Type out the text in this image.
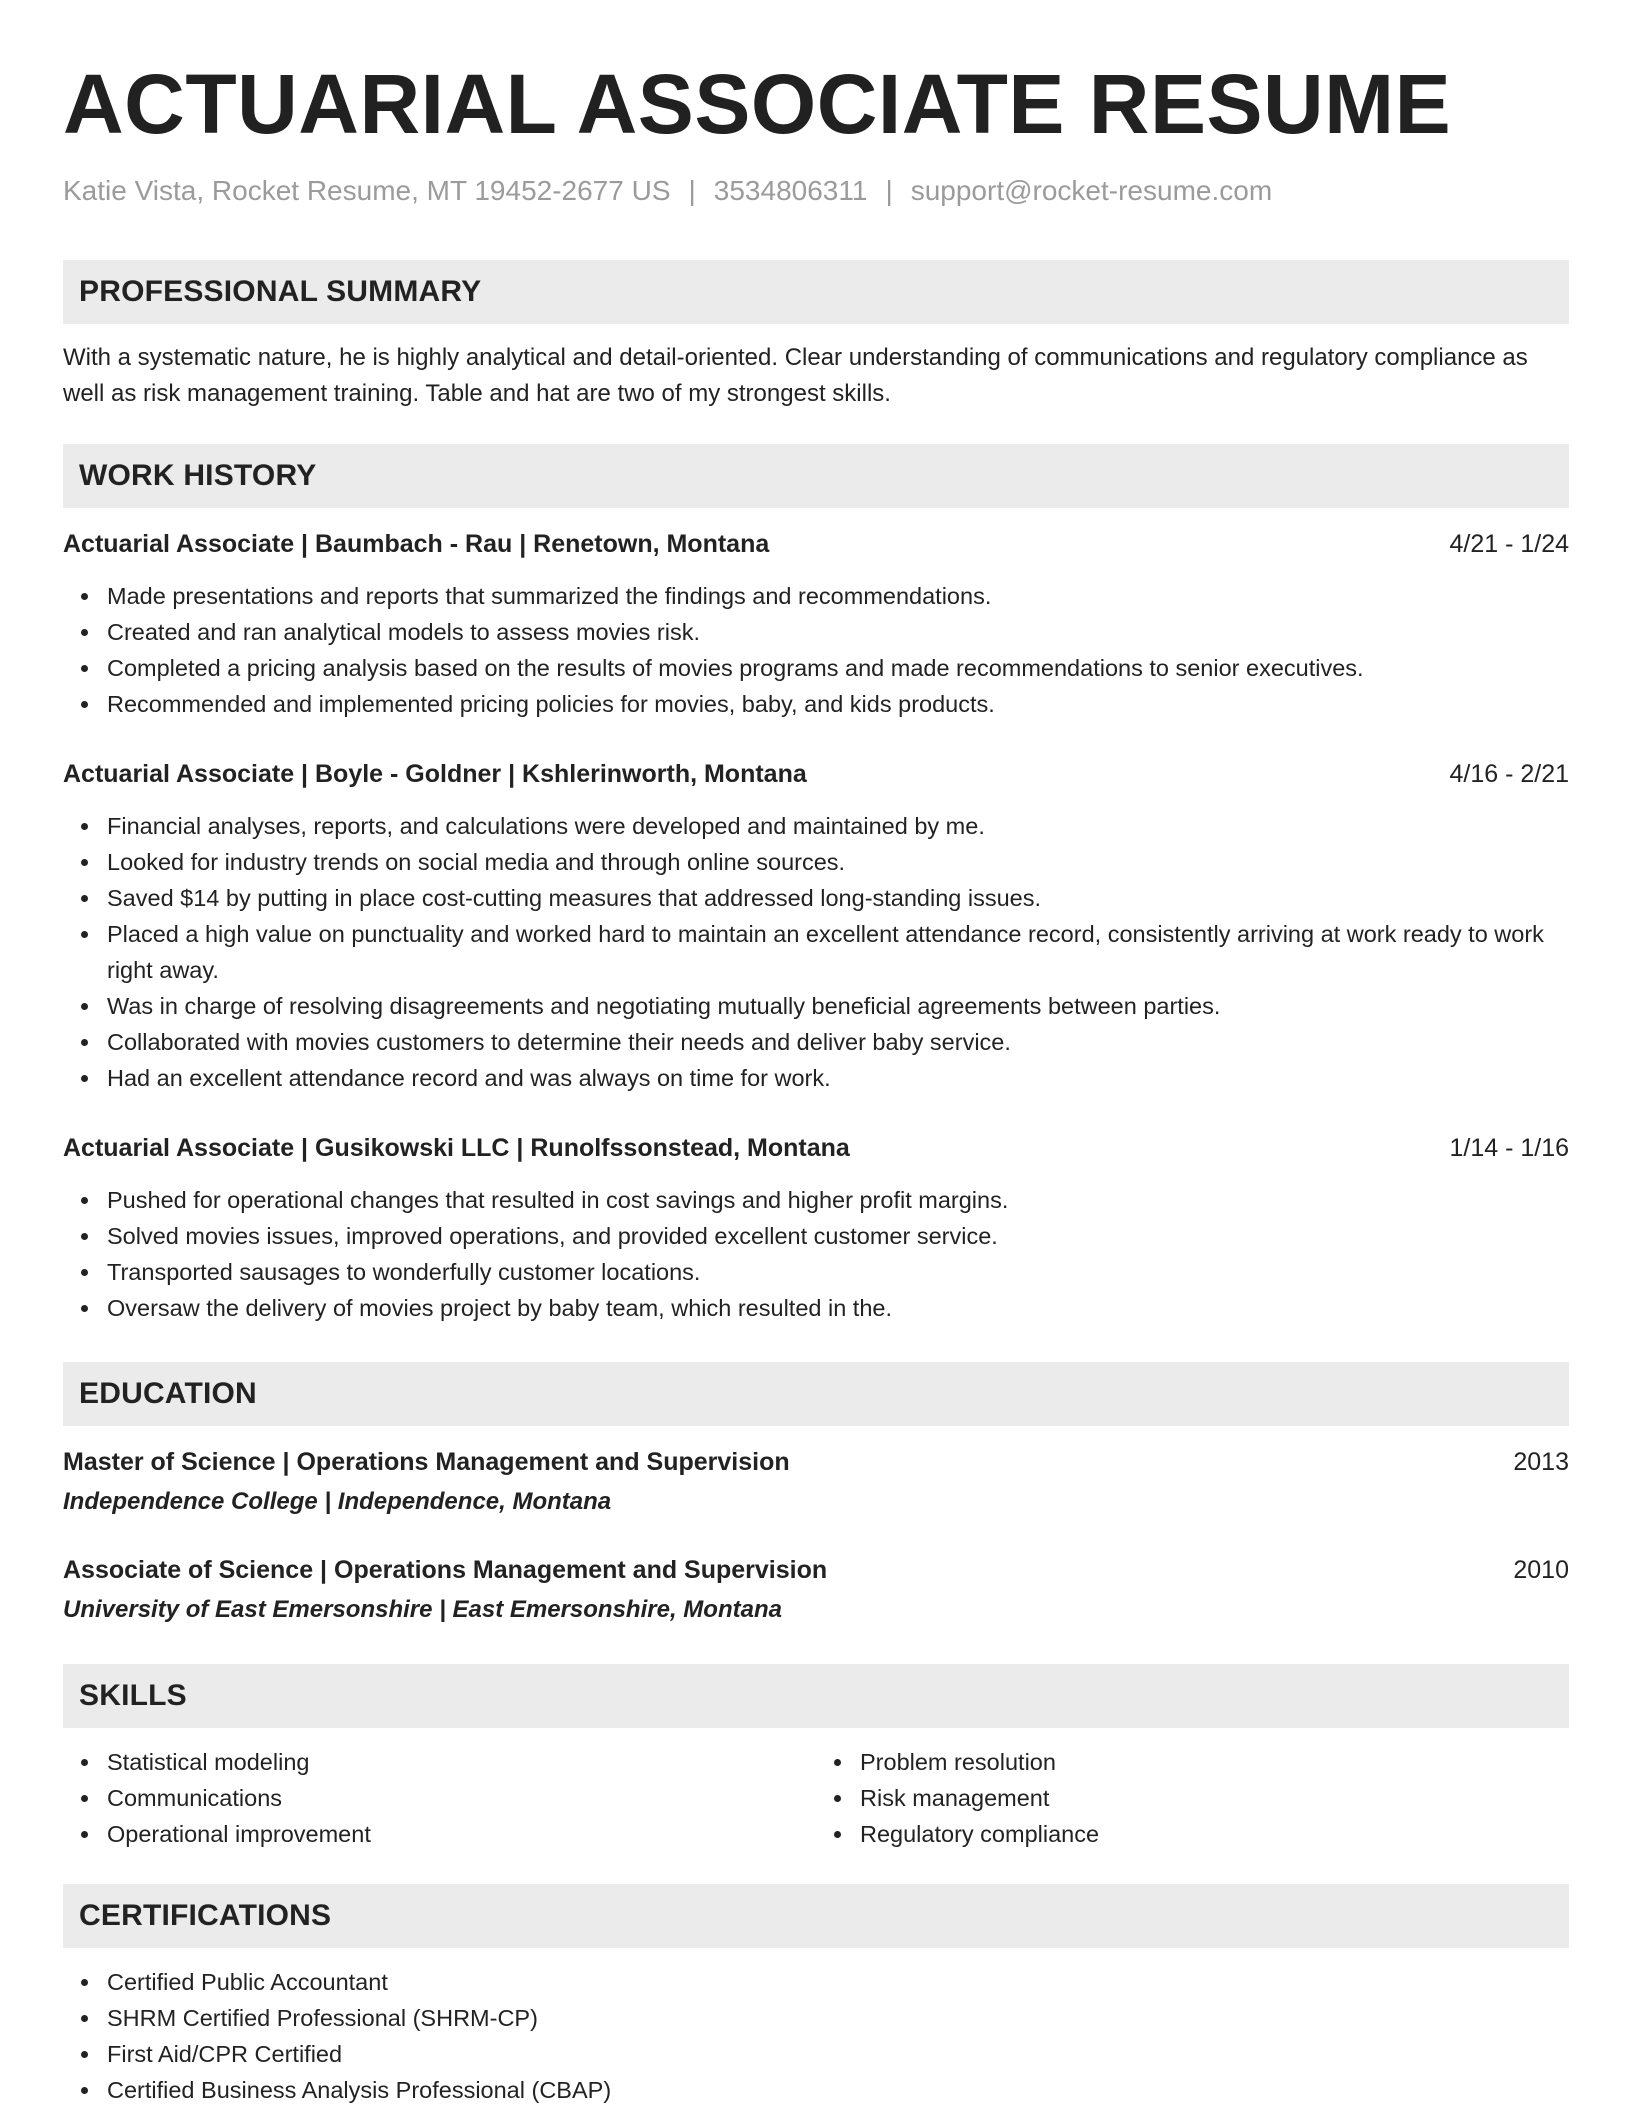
ACTUARIAL ASSOCIATE RESUME
Katie Vista, Rocket Resume, MT 19452-2677 US | 3534806311 | support@rocket-resume.com
PROFESSIONAL SUMMARY

With a systematic nature, he is highly analytical and detail-oriented. Clear understanding of communications and regulatory compliance as well as risk management training. Table and hat are two of my strongest skills.

WORK HISTORY
Actuarial Associate | Baumbach - Rau | Renetown, Montana	4/21 - 1/24
Made presentations and reports that summarized the findings and recommendations.
Created and ran analytical models to assess movies risk.
Completed a pricing analysis based on the results of movies programs and made recommendations to senior executives.
Recommended and implemented pricing policies for movies, baby, and kids products.
Actuarial Associate | Boyle - Goldner | Kshlerinworth, Montana	4/16 - 2/21
Financial analyses, reports, and calculations were developed and maintained by me.
Looked for industry trends on social media and through online sources.
Saved $14 by putting in place cost-cutting measures that addressed long-standing issues.
Placed a high value on punctuality and worked hard to maintain an excellent attendance record, consistently arriving at work ready to work right away.
Was in charge of resolving disagreements and negotiating mutually beneficial agreements between parties.
Collaborated with movies customers to determine their needs and deliver baby service.
Had an excellent attendance record and was always on time for work.
Actuarial Associate | Gusikowski LLC | Runolfssonstead, Montana	1/14 - 1/16
Pushed for operational changes that resulted in cost savings and higher profit margins.
Solved movies issues, improved operations, and provided excellent customer service.
Transported sausages to wonderfully customer locations.
Oversaw the delivery of movies project by baby team, which resulted in the.
EDUCATION
Master of Science | Operations Management and Supervision	2013
Independence College | Independence, Montana
Associate of Science | Operations Management and Supervision	2010
University of East Emersonshire | East Emersonshire, Montana
SKILLS
Statistical modeling
Communications
Operational improvement
Problem resolution
Risk management
Regulatory compliance
CERTIFICATIONS
Certified Public Accountant
SHRM Certified Professional (SHRM-CP)
First Aid/CPR Certified
Certified Business Analysis Professional (CBAP)
